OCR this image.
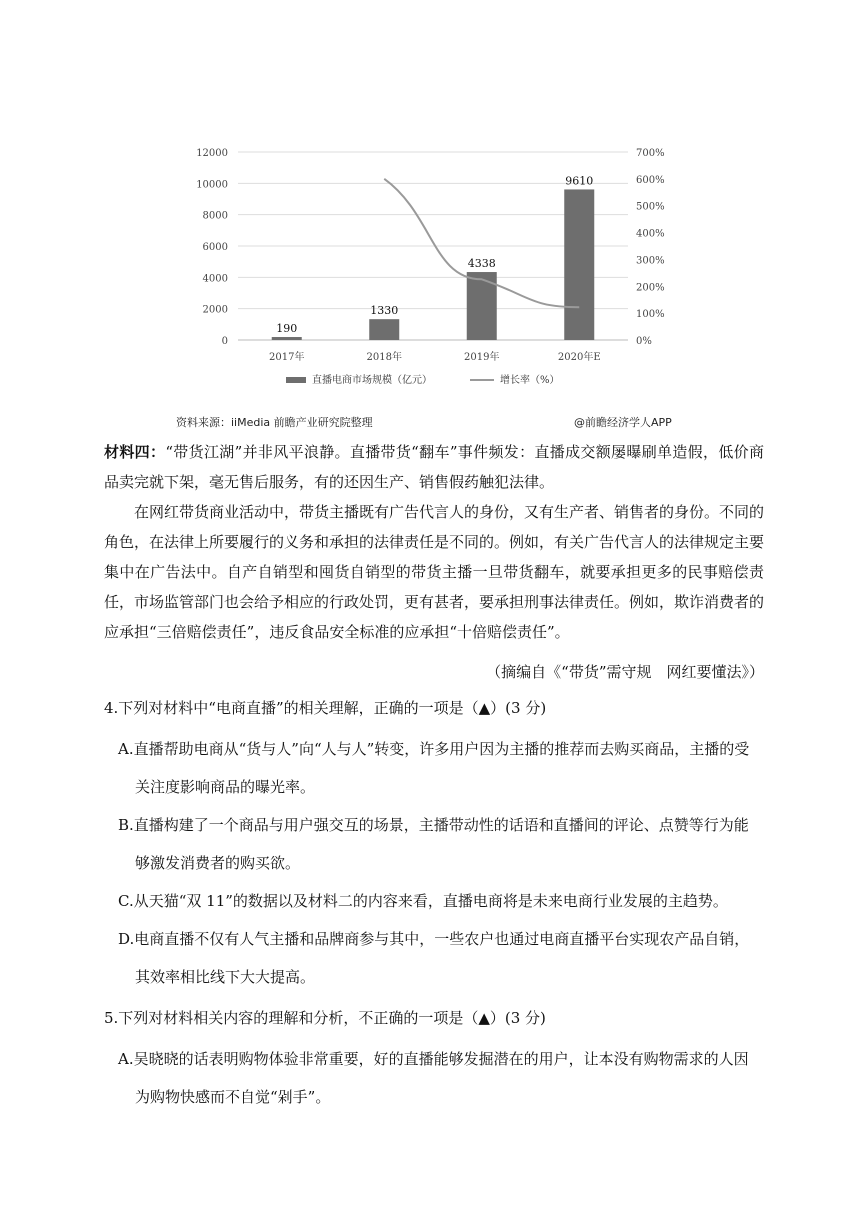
0
2000
4000
6000
8000
10000
12000
0%
100%
200%
300%
400%
500%
600%
700%
190
1330
4338
9610
2017年	2018年	2019年	2020年E
直播电商市场规模（亿元）	增长率（%）
资料来源：iiMedia 前瞻产业研究院整理	@前瞻经济学人APP

材料四：“带货江湖”并非风平浪静。直播带货“翻车”事件频发：直播成交额屡曝刷单造假，低价商品卖完就下架，毫无售后服务，有的还因生产、销售假药触犯法律。

在网红带货商业活动中，带货主播既有广告代言人的身份，又有生产者、销售者的身份。不同的角色，在法律上所要履行的义务和承担的法律责任是不同的。例如，有关广告代言人的法律规定主要集中在广告法中。自产自销型和囤货自销型的带货主播一旦带货翻车，就要承担更多的民事赔偿责任，市场监管部门也会给予相应的行政处罚，更有甚者，要承担刑事法律责任。例如，欺诈消费者的应承担“三倍赔偿责任”，违反食品安全标准的应承担“十倍赔偿责任”。

（摘编自《“带货”需守规　网红要懂法》）

4.下列对材料中“电商直播”的相关理解，正确的一项是（▲）(3 分)

A.直播帮助电商从“货与人”向“人与人”转变，许多用户因为主播的推荐而去购买商品，主播的受

关注度影响商品的曝光率。

B.直播构建了一个商品与用户强交互的场景，主播带动性的话语和直播间的评论、点赞等行为能

够激发消费者的购买欲。

C.从天猫“双 11”的数据以及材料二的内容来看，直播电商将是未来电商行业发展的主趋势。

D.电商直播不仅有人气主播和品牌商参与其中，一些农户也通过电商直播平台实现农产品自销，

其效率相比线下大大提高。

5.下列对材料相关内容的理解和分析，不正确的一项是（▲）(3 分)

A.吴晓晓的话表明购物体验非常重要，好的直播能够发掘潜在的用户，让本没有购物需求的人因

为购物快感而不自觉“剁手”。
